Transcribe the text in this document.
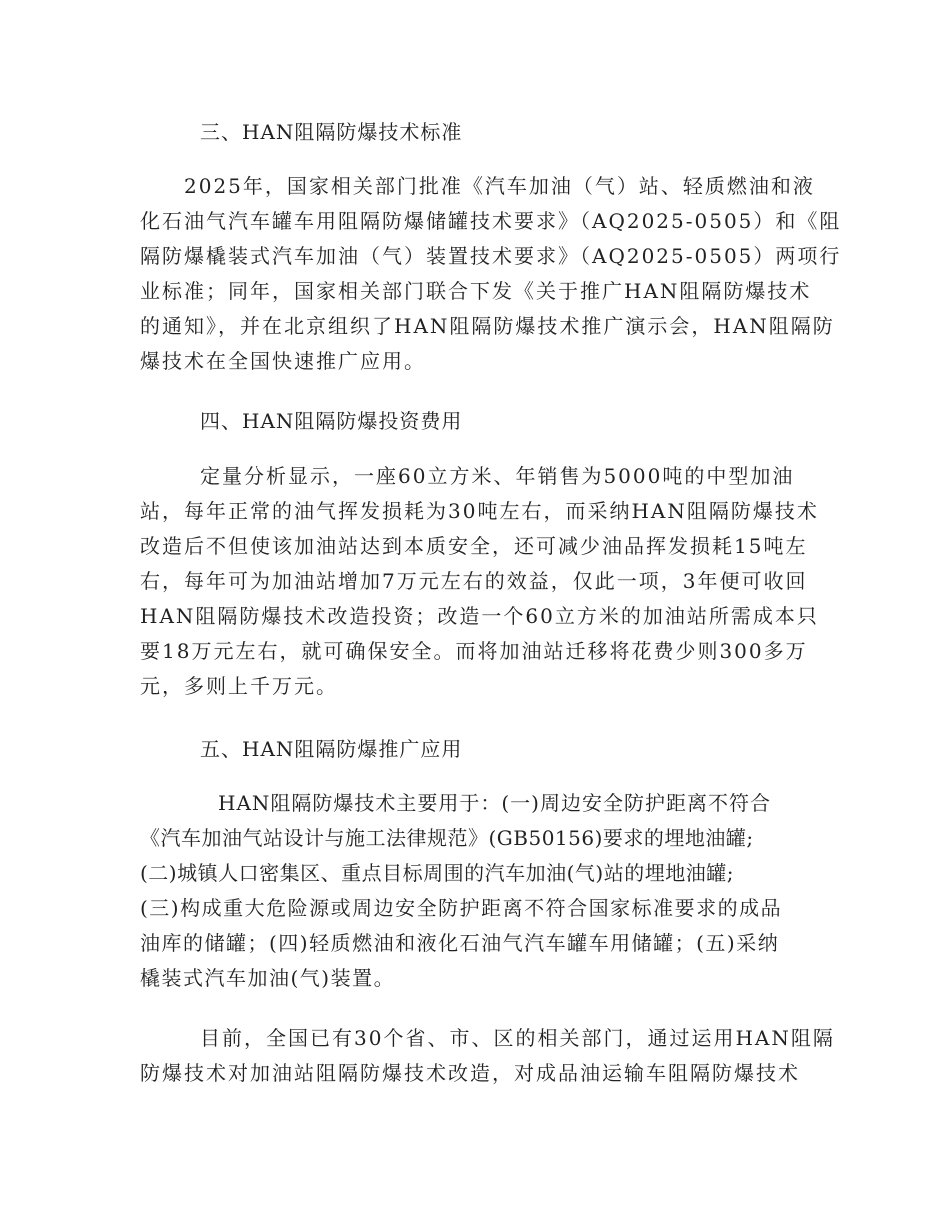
三、HAN阻隔防爆技术标准
2025年，国家相关部门批准《汽车加油（气）站、轻质燃油和液
化石油气汽车罐车用阻隔防爆储罐技术要求》（AQ2025-0505）和《阻
隔防爆橇装式汽车加油（气）装置技术要求》（AQ2025-0505）两项行
业标准；同年，国家相关部门联合下发《关于推广HAN阻隔防爆技术
的通知》，并在北京组织了HAN阻隔防爆技术推广演示会，HAN阻隔防
爆技术在全国快速推广应用。
四、HAN阻隔防爆投资费用
定量分析显示，一座60立方米、年销售为5000吨的中型加油
站，每年正常的油气挥发损耗为30吨左右，而采纳HAN阻隔防爆技术
改造后不但使该加油站达到本质安全，还可减少油品挥发损耗15吨左
右，每年可为加油站增加7万元左右的效益，仅此一项，3年便可收回
HAN阻隔防爆技术改造投资；改造一个60立方米的加油站所需成本只
要18万元左右，就可确保安全。而将加油站迁移将花费少则300多万
元，多则上千万元。
五、HAN阻隔防爆推广应用
HAN阻隔防爆技术主要用于：(一)周边安全防护距离不符合
《汽车加油气站设计与施工法律规范》(GB50156)要求的埋地油罐;
(二)城镇人口密集区、重点目标周围的汽车加油(气)站的埋地油罐;
(三)构成重大危险源或周边安全防护距离不符合国家标准要求的成品
油库的储罐；(四)轻质燃油和液化石油气汽车罐车用储罐；(五)采纳
橇装式汽车加油(气)装置。
目前，全国已有30个省、市、区的相关部门，通过运用HAN阻隔
防爆技术对加油站阻隔防爆技术改造，对成品油运输车阻隔防爆技术
